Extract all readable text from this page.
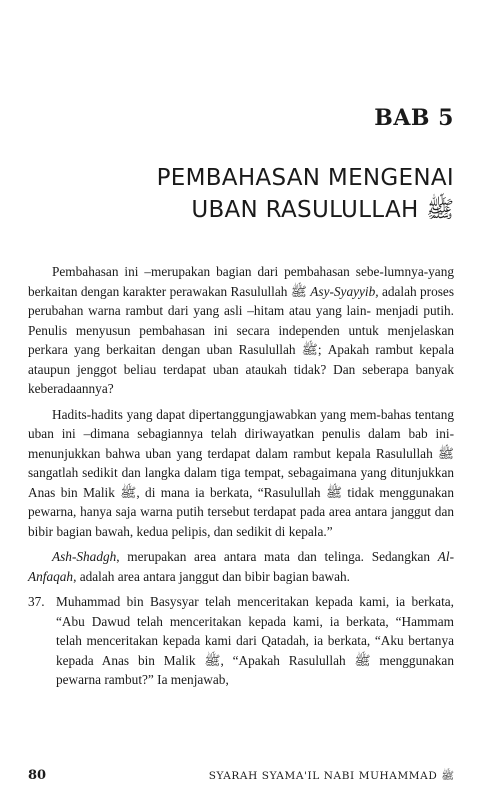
BAB 5
PEMBAHASAN MENGENAI
UBAN RASULULLAH ﷺ

Pembahasan ini –merupakan bagian dari pembahasan sebe-lumnya-yang berkaitan dengan karakter perawakan Rasulullah ﷺ Asy-Syayyib, adalah proses perubahan warna rambut dari yang asli –hitam atau yang lain- menjadi putih. Penulis menyusun pembahasan ini secara independen untuk menjelaskan perkara yang berkaitan dengan uban Rasulullah ﷺ; Apakah rambut kepala ataupun jenggot beliau terdapat uban ataukah tidak? Dan seberapa banyak keberadaannya?

Hadits-hadits yang dapat dipertanggungjawabkan yang mem-bahas tentang uban ini –dimana sebagiannya telah diriwayatkan penulis dalam bab ini- menunjukkan bahwa uban yang terdapat dalam rambut kepala Rasulullah ﷺ sangatlah sedikit dan langka dalam tiga tempat, sebagaimana yang ditunjukkan Anas bin Malik ﷺ, di mana ia berkata, “Rasulullah ﷺ tidak menggunakan pewarna, hanya saja warna putih tersebut terdapat pada area antara janggut dan bibir bagian bawah, kedua pelipis, dan sedikit di kepala.”

Ash-Shadgh, merupakan area antara mata dan telinga. Sedangkan Al-Anfaqah, adalah area antara janggut dan bibir bagian bawah.

37. Muhammad bin Basysyar telah menceritakan kepada kami, ia berkata, “Abu Dawud telah menceritakan kepada kami, ia berkata, “Hammam telah menceritakan kepada kami dari Qatadah, ia berkata, “Aku bertanya kepada Anas bin Malik ﷺ, “Apakah Rasulullah ﷺ menggunakan pewarna rambut?” Ia menjawab,
80	SYARAH SYAMA'IL NABI MUHAMMAD ﷺ
